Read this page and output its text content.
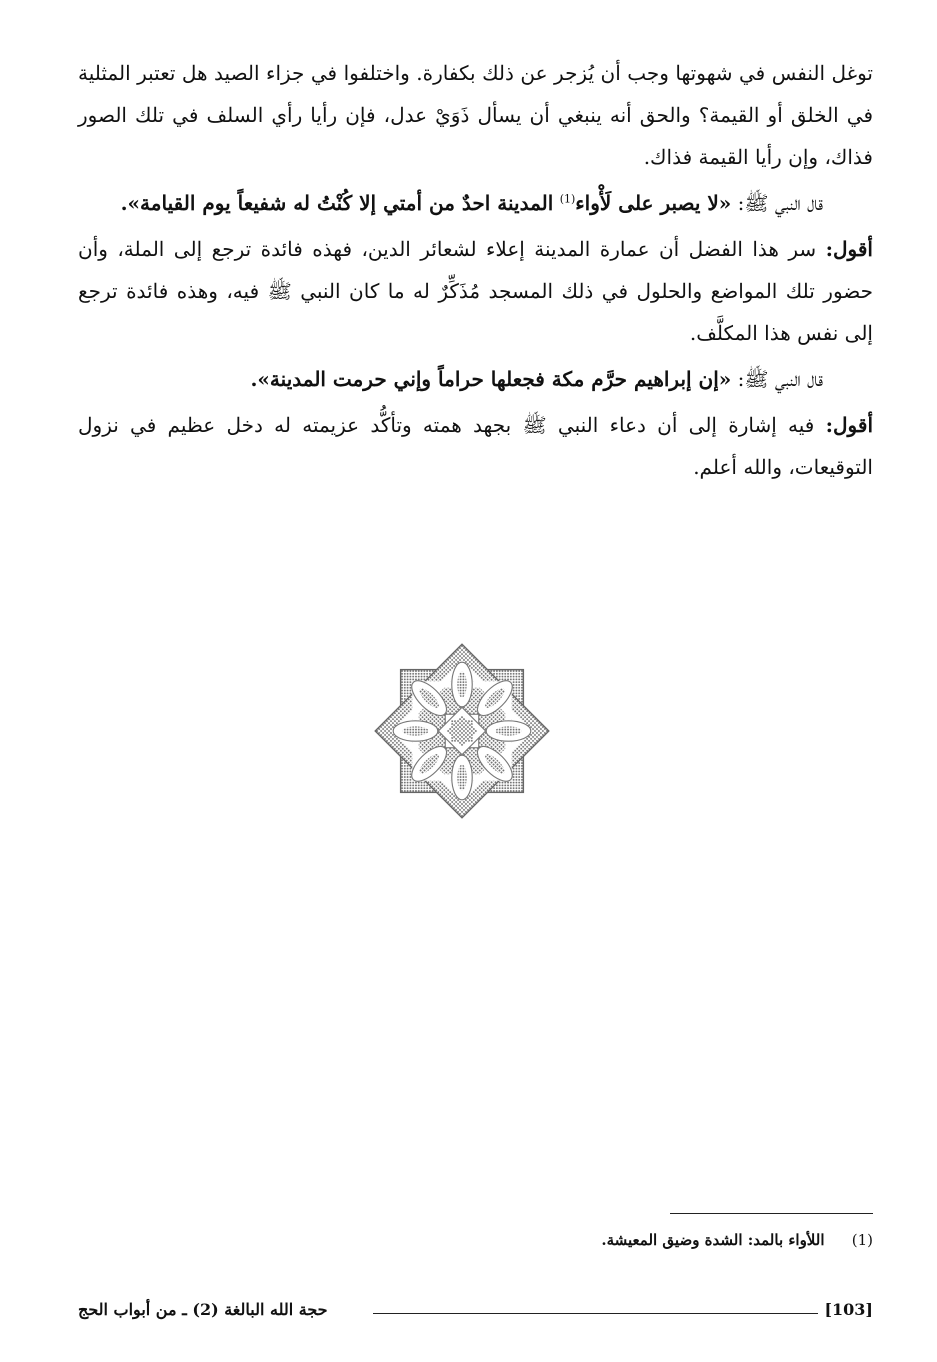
توغل النفس في شهوتها وجب أن يُزجر عن ذلك بكفارة. واختلفوا في جزاء الصيد هل تعتبر المثلية في الخلق أو القيمة؟ والحق أنه ينبغي أن يسأل ذَوَيْ عدل، فإن رأيا رأي السلف في تلك الصور فذاك، وإن رأيا القيمة فذاك.

قال النبي ﷺ: «لا يصبر على لَأْواء$^{(1)}$ المدينة احدٌ من أمتي إلا كُنْتُ له شفيعاً يوم القيامة».

أقول: سر هذا الفضل أن عمارة المدينة إعلاء لشعائر الدين، فهذه فائدة ترجع إلى الملة، وأن حضور تلك المواضع والحلول في ذلك المسجد مُذَكِّرٌ له ما كان النبي ﷺ فيه، وهذه فائدة ترجع إلى نفس هذا المكلَّف.

قال النبي ﷺ: «إن إبراهيم حرَّم مكة فجعلها حراماً وإني حرمت المدينة».

أقول: فيه إشارة إلى أن دعاء النبي ﷺ بجهد همته وتأكُّد عزيمته له دخل عظيم في نزول التوقيعات، والله أعلم.

(1) اللأواء بالمد: الشدة وضيق المعيشة.
[103]
حجة الله البالغة (2) ـ من أبواب الحج
